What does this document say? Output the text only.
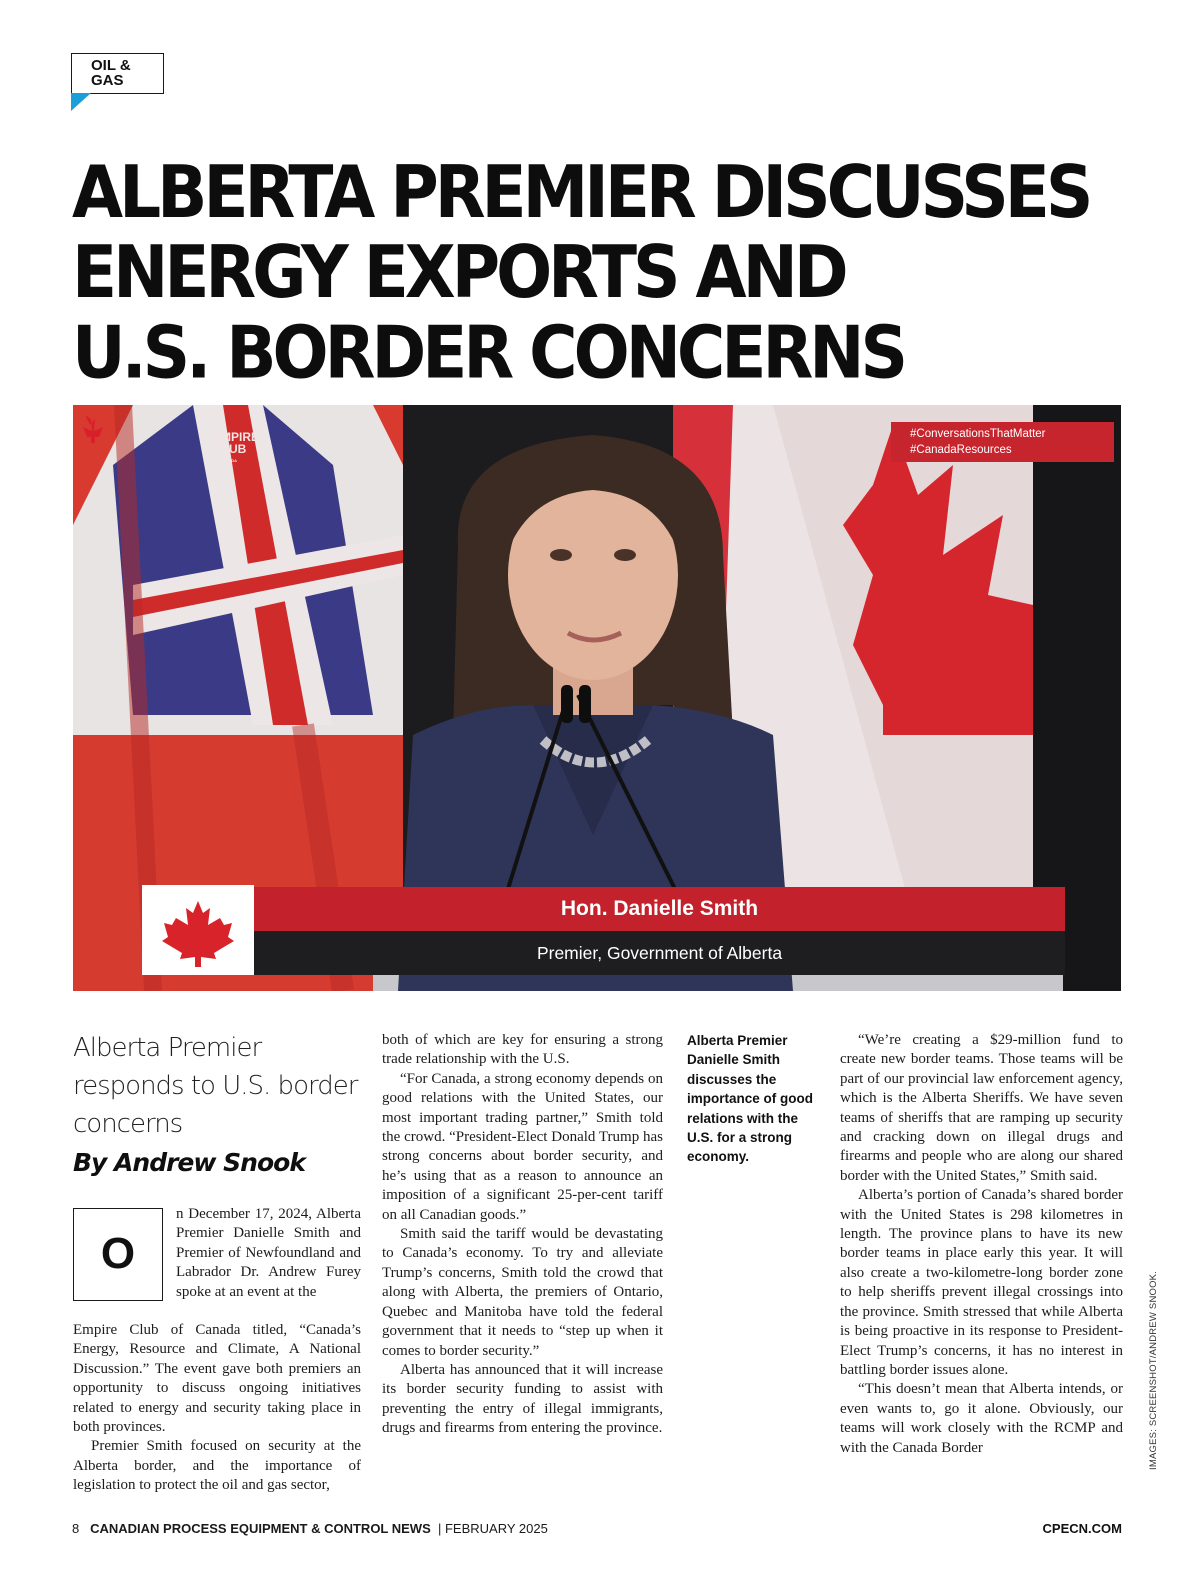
OIL &
GAS
ALBERTA PREMIER DISCUSSES
ENERGY EXPORTS AND
U.S. BORDER CONCERNS
EMPIRE
CLUB
OF CANADA
#ConversationsThatMatter
#CanadaResources
Hon. Danielle Smith
Premier, Government of Alberta
Alberta Premier responds to U.S. border concerns
By Andrew Snook
O

n December 17, 2024, Alberta Premier Danielle Smith and Premier of Newfoundland and Labrador Dr. Andrew Furey spoke at an event at the

Empire Club of Canada titled, “Canada’s Energy, Resource and Climate, A National Discussion.” The event gave both premiers an opportunity to discuss ongoing initiatives related to energy and security taking place in both provinces.

Premier Smith focused on security at the Alberta border, and the importance of legislation to protect the oil and gas sector,

both of which are key for ensuring a strong trade relationship with the U.S.

“For Canada, a strong economy depends on good relations with the United States, our most important trading partner,” Smith told the crowd. “President-Elect Donald Trump has strong concerns about border security, and he’s using that as a reason to announce an imposition of a significant 25-per-cent tariff on all Canadian goods.”

Smith said the tariff would be devastating to Canada’s economy. To try and alleviate Trump’s concerns, Smith told the crowd that along with Alberta, the premiers of Ontario, Quebec and Manitoba have told the federal government that it needs to “step up when it comes to border security.”

Alberta has announced that it will increase its border security funding to assist with preventing the entry of illegal immigrants, drugs and firearms from entering the province.

Alberta Premier Danielle Smith discusses the importance of good relations with the U.S. for a strong economy.

“We’re creating a $29-million fund to create new border teams. Those teams will be part of our provincial law enforcement agency, which is the Alberta Sheriffs. We have seven teams of sheriffs that are ramping up security and cracking down on illegal drugs and firearms and people who are along our shared border with the United States,” Smith said.

Alberta’s portion of Canada’s shared border with the United States is 298 kilometres in length. The province plans to have its new border teams in place early this year. It will also create a two-kilometre-long border zone to help sheriffs prevent illegal crossings into the province. Smith stressed that while Alberta is being proactive in its response to President-Elect Trump’s concerns, it has no interest in battling border issues alone.

“This doesn’t mean that Alberta intends, or even wants to, go it alone. Obviously, our teams will work closely with the RCMP and with the Canada Border	IMAGES: SCREENSHOT/ANDREW SNOOK.
8 CANADIAN PROCESS EQUIPMENT & CONTROL NEWS | FEBRUARY 2025	CPECN.COM
